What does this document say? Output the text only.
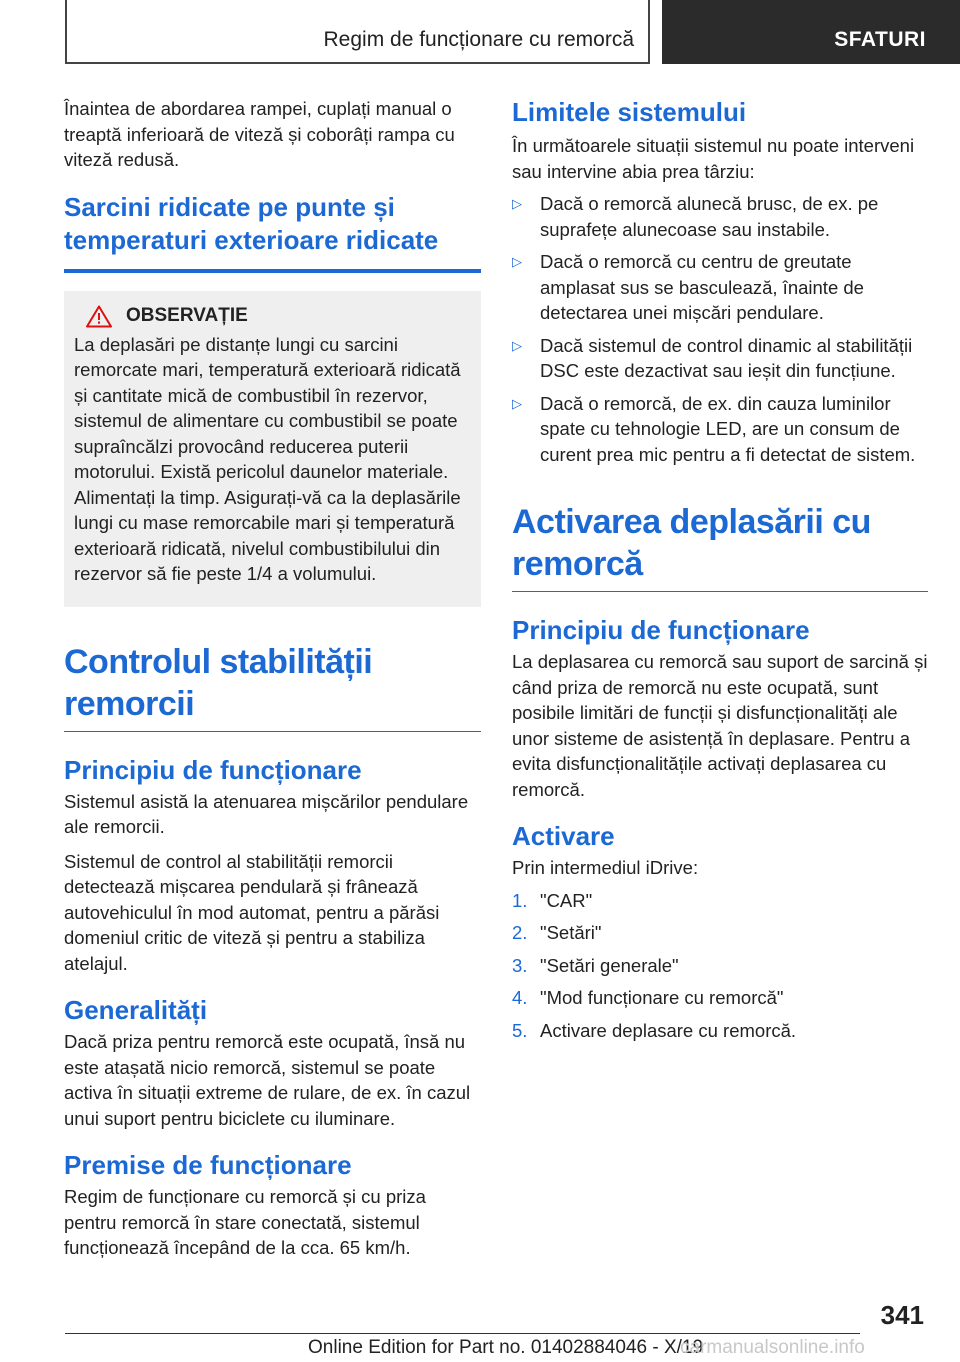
Regim de funcționare cu remorcă	SFATURI

Înaintea de abordarea rampei, cuplați manual o treaptă inferioară de viteză și coborâți rampa cu viteză redusă.

Sarcini ridicate pe punte și temperaturi exterioare ridicate
OBSERVAȚIE

La deplasări pe distanțe lungi cu sarcini remorcate mari, temperatură exterioară ridicată și cantitate mică de combustibil în rezervor, sistemul de alimentare cu combustibil se poate supraîncălzi provocând reducerea puterii motorului. Există pericolul daunelor materiale.

Alimentați la timp. Asigurați-vă ca la deplasările lungi cu mase remorcabile mari și temperatură exterioară ridicată, nivelul combustibilului din rezervor să fie peste 1/4 a volumului.

Controlul stabilității remorcii
Principiu de funcționare

Sistemul asistă la atenuarea mișcărilor pendulare ale remorcii.

Sistemul de control al stabilității remorcii detectează mișcarea pendulară și frânează autovehiculul în mod automat, pentru a părăsi domeniul critic de viteză și pentru a stabiliza atelajul.

Generalități

Dacă priza pentru remorcă este ocupată, însă nu este atașată nicio remorcă, sistemul se poate activa în situații extreme de rulare, de ex. în cazul unui suport pentru biciclete cu iluminare.

Premise de funcționare

Regim de funcționare cu remorcă și cu priza pentru remorcă în stare conectată, sistemul funcționează începând de la cca. 65 km/h.

Limitele sistemului

În următoarele situații sistemul nu poate interveni sau intervine abia prea târziu:

▷ Dacă o remorcă alunecă brusc, de ex. pe suprafețe alunecoase sau instabile.
▷ Dacă o remorcă cu centru de greutate amplasat sus se basculează, înainte de detectarea unei mișcări pendulare.
▷ Dacă sistemul de control dinamic al stabilității DSC este dezactivat sau ieșit din funcțiune.
▷ Dacă o remorcă, de ex. din cauza luminilor spate cu tehnologie LED, are un consum de curent prea mic pentru a fi detectat de sistem.
Activarea deplasării cu remorcă
Principiu de funcționare

La deplasarea cu remorcă sau suport de sarcină și când priza de remorcă nu este ocupată, sunt posibile limitări de funcții și disfuncționalități ale unor sisteme de asistență în deplasare. Pentru a evita disfuncționalitățile activați deplasarea cu remorcă.

Activare

Prin intermediul iDrive:

1. "CAR"
2. "Setări"
3. "Setări generale"
4. "Mod funcționare cu remorcă"
5. Activare deplasare cu remorcă.
341
Online Edition for Part no. 01402884046 - X/19
carmanualsonline.info
